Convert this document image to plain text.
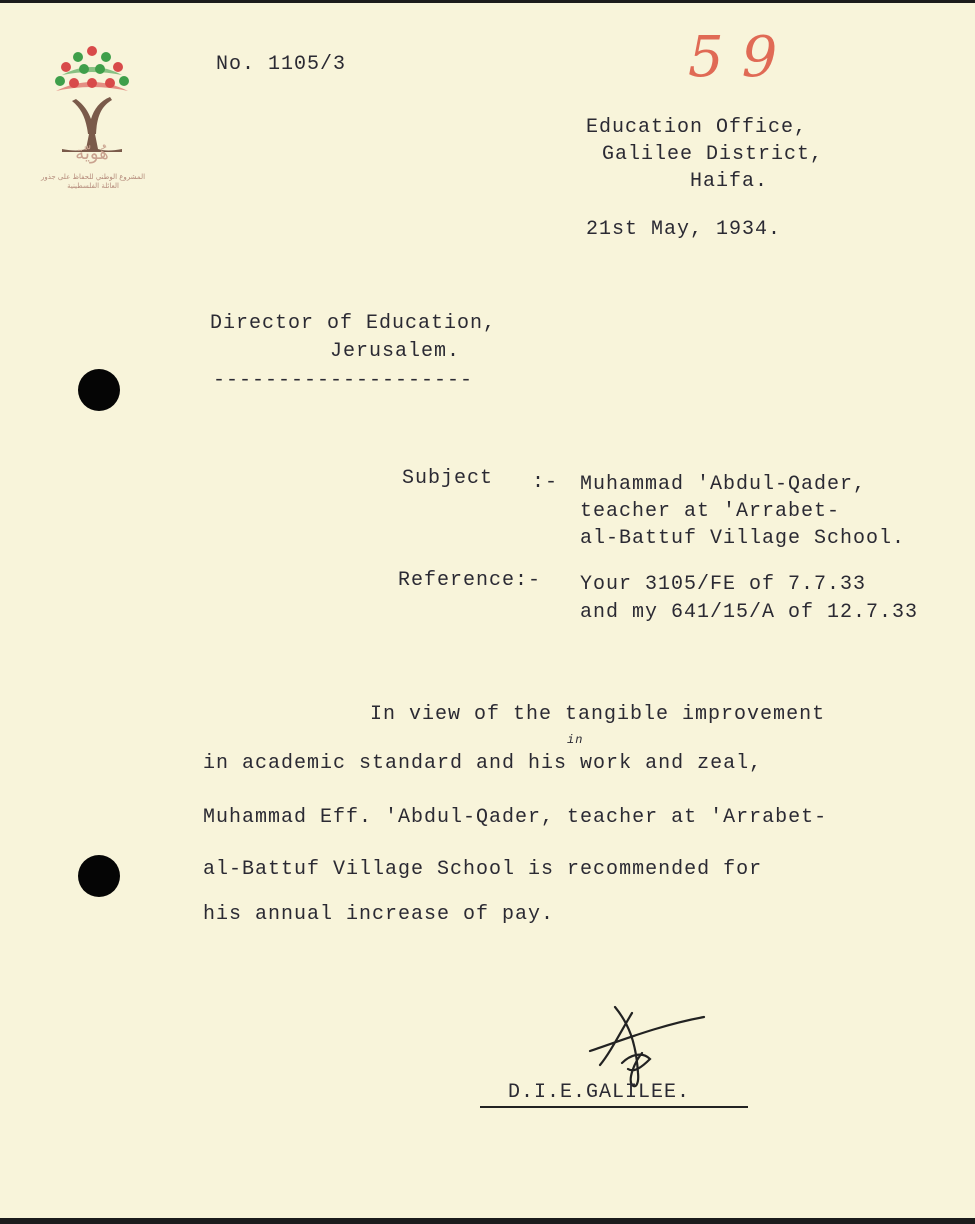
هُويّة
المشروع الوطني للحفاظ على جذور العائلة الفلسطينية
59
No. 1105/3
Education Office,
Galilee District,
Haifa.
21st May, 1934.
Director of Education,
Jerusalem.
--------------------
Subject :- Muhammad 'Abdul-Qader,
teacher at 'Arrabet-
al-Battuf Village School.
Reference:- Your 3105/FE of 7.7.33
and my 641/15/A of 12.7.33
In view of the tangible improvement
in
in academic standard and his work and zeal,
Muhammad Eff. 'Abdul-Qader, teacher at 'Arrabet-
al-Battuf Village School is recommended for
his annual increase of pay.
D.I.E.GALILEE.
